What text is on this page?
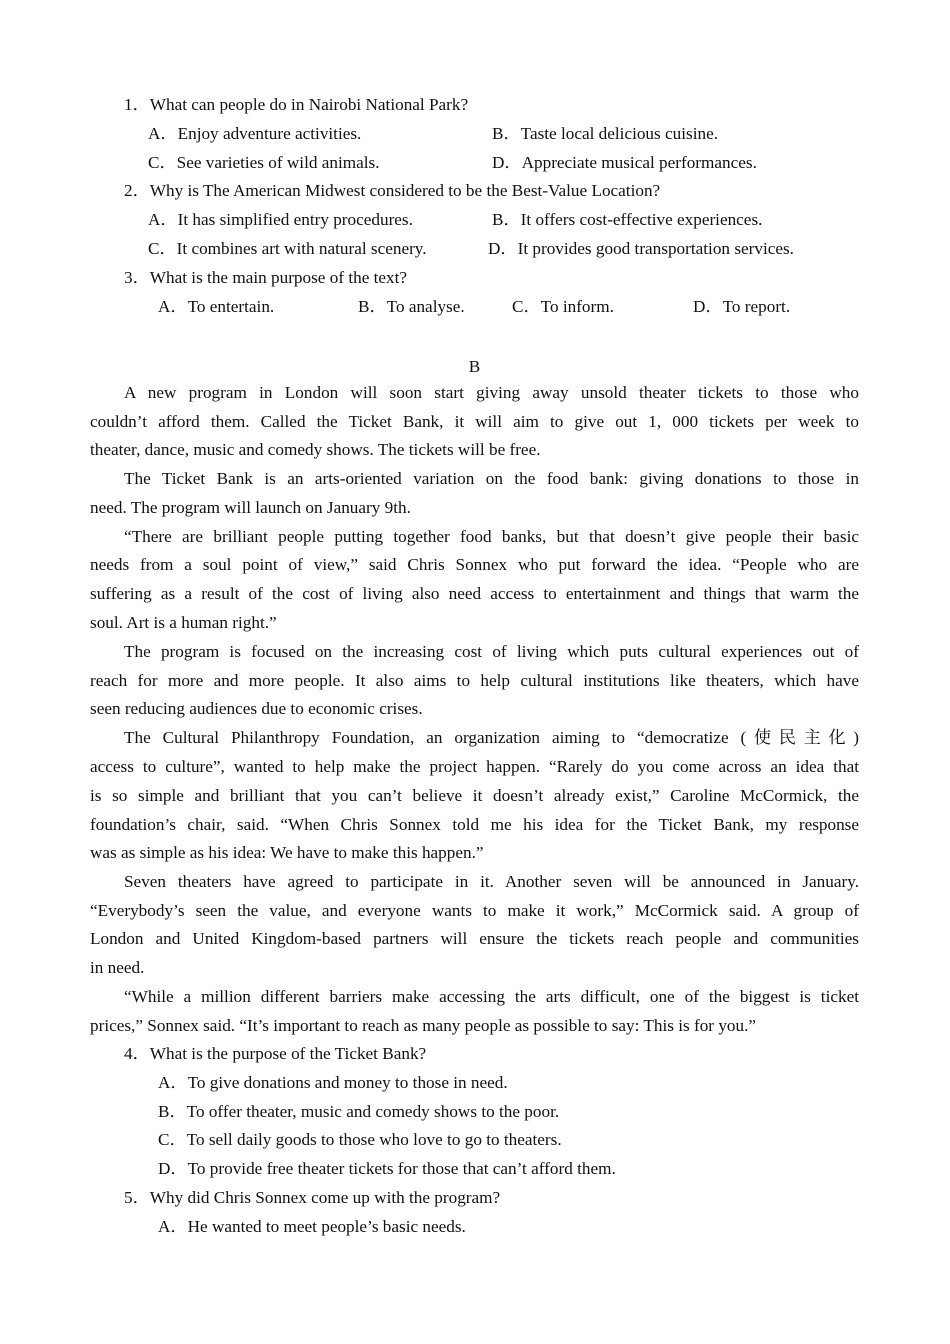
1．What can people do in Nairobi National Park?
A．Enjoy adventure activities.	B．Taste local delicious cuisine.
C．See varieties of wild animals.	D．Appreciate musical performances.
2．Why is The American Midwest considered to be the Best-Value Location?
A．It has simplified entry procedures.	B．It offers cost-effective experiences.
C．It combines art with natural scenery.	D．It provides good transportation services.
3．What is the main purpose of the text?
A．To entertain.	B．To analyse.	C．To inform.	D．To report.
B
A new program in London will soon start giving away unsold theater tickets to those who
couldn’t afford them. Called the Ticket Bank, it will aim to give out 1, 000 tickets per week to
theater, dance, music and comedy shows. The tickets will be free.
The Ticket Bank is an arts-oriented variation on the food bank: giving donations to those in
need. The program will launch on January 9th.
“There are brilliant people putting together food banks, but that doesn’t give people their basic
needs from a soul point of view,” said Chris Sonnex who put forward the idea. “People who are
suffering as a result of the cost of living also need access to entertainment and things that warm the
soul. Art is a human right.”
The program is focused on the increasing cost of living which puts cultural experiences out of
reach for more and more people. It also aims to help cultural institutions like theaters, which have
seen reducing audiences due to economic crises.
The Cultural Philanthropy Foundation, an organization aiming to “democratize (使民主化)
access to culture”, wanted to help make the project happen. “Rarely do you come across an idea that
is so simple and brilliant that you can’t believe it doesn’t already exist,” Caroline McCormick, the
foundation’s chair, said. “When Chris Sonnex told me his idea for the Ticket Bank, my response
was as simple as his idea: We have to make this happen.”
Seven theaters have agreed to participate in it. Another seven will be announced in January.
“Everybody’s seen the value, and everyone wants to make it work,” McCormick said. A group of
London and United Kingdom-based partners will ensure the tickets reach people and communities
in need.
“While a million different barriers make accessing the arts difficult, one of the biggest is ticket
prices,” Sonnex said. “It’s important to reach as many people as possible to say: This is for you.”
4．What is the purpose of the Ticket Bank?
A．To give donations and money to those in need.
B．To offer theater, music and comedy shows to the poor.
C．To sell daily goods to those who love to go to theaters.
D．To provide free theater tickets for those that can’t afford them.
5．Why did Chris Sonnex come up with the program?
A．He wanted to meet people’s basic needs.
